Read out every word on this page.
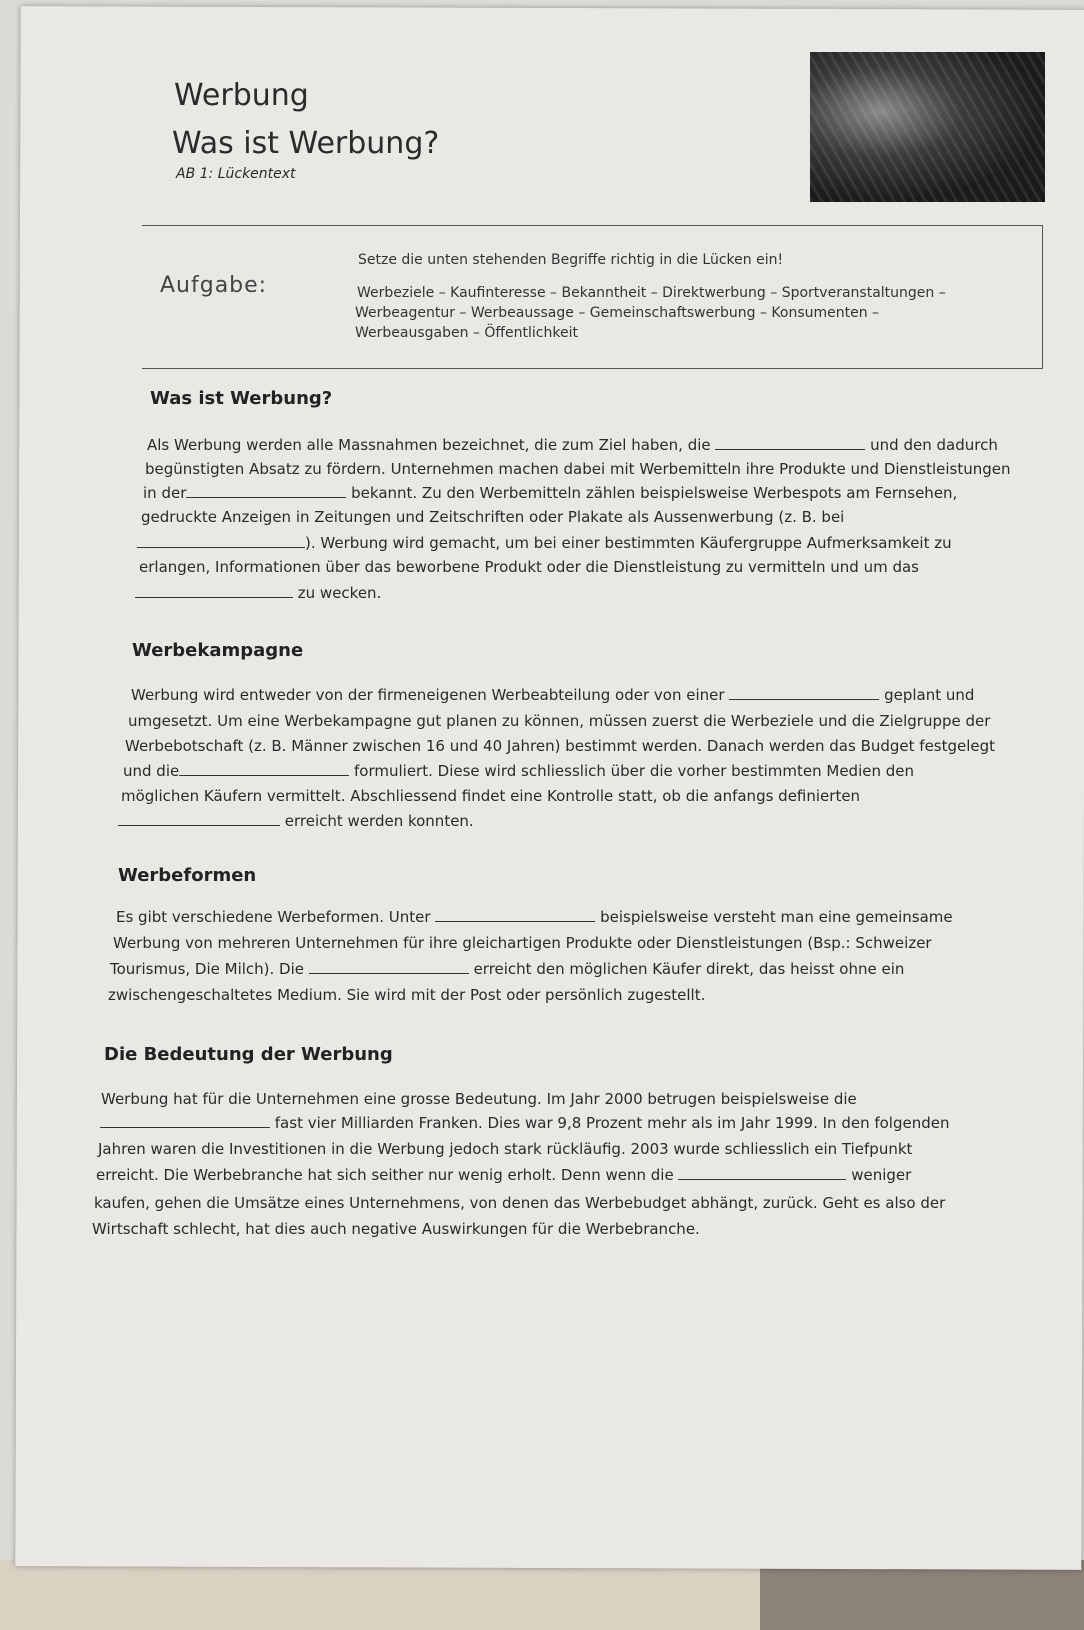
Werbung
Was ist Werbung?
AB 1: Lückentext
Aufgabe:
Setze die unten stehenden Begriffe richtig in die Lücken ein!
Werbeziele – Kaufinteresse – Bekanntheit – Direktwerbung – Sportveranstaltungen –
Werbeagentur – Werbeaussage – Gemeinschaftswerbung – Konsumenten –
Werbeausgaben – Öffentlichkeit
Was ist Werbung?
Als Werbung werden alle Massnahmen bezeichnet, die zum Ziel haben, die	und den dadurch
begünstigten Absatz zu fördern. Unternehmen machen dabei mit Werbemitteln ihre Produkte und Dienstleistungen
in der	bekannt. Zu den Werbemitteln zählen beispielsweise Werbespots am Fernsehen,
gedruckte Anzeigen in Zeitungen und Zeitschriften oder Plakate als Aussenwerbung (z. B. bei
). Werbung wird gemacht, um bei einer bestimmten Käufergruppe Aufmerksamkeit zu
erlangen, Informationen über das beworbene Produkt oder die Dienstleistung zu vermitteln und um das
zu wecken.
Werbekampagne
Werbung wird entweder von der firmeneigenen Werbeabteilung oder von einer	geplant und
umgesetzt. Um eine Werbekampagne gut planen zu können, müssen zuerst die Werbeziele und die Zielgruppe der
Werbebotschaft (z. B. Männer zwischen 16 und 40 Jahren) bestimmt werden. Danach werden das Budget festgelegt
und die	formuliert. Diese wird schliesslich über die vorher bestimmten Medien den
möglichen Käufern vermittelt. Abschliessend findet eine Kontrolle statt, ob die anfangs definierten
erreicht werden konnten.
Werbeformen
Es gibt verschiedene Werbeformen. Unter	beispielsweise versteht man eine gemeinsame
Werbung von mehreren Unternehmen für ihre gleichartigen Produkte oder Dienstleistungen (Bsp.: Schweizer
Tourismus, Die Milch). Die	erreicht den möglichen Käufer direkt, das heisst ohne ein
zwischengeschaltetes Medium. Sie wird mit der Post oder persönlich zugestellt.
Die Bedeutung der Werbung
Werbung hat für die Unternehmen eine grosse Bedeutung. Im Jahr 2000 betrugen beispielsweise die
fast vier Milliarden Franken. Dies war 9,8 Prozent mehr als im Jahr 1999. In den folgenden
Jahren waren die Investitionen in die Werbung jedoch stark rückläufig. 2003 wurde schliesslich ein Tiefpunkt
erreicht. Die Werbebranche hat sich seither nur wenig erholt. Denn wenn die	weniger
kaufen, gehen die Umsätze eines Unternehmens, von denen das Werbebudget abhängt, zurück. Geht es also der
Wirtschaft schlecht, hat dies auch negative Auswirkungen für die Werbebranche.
